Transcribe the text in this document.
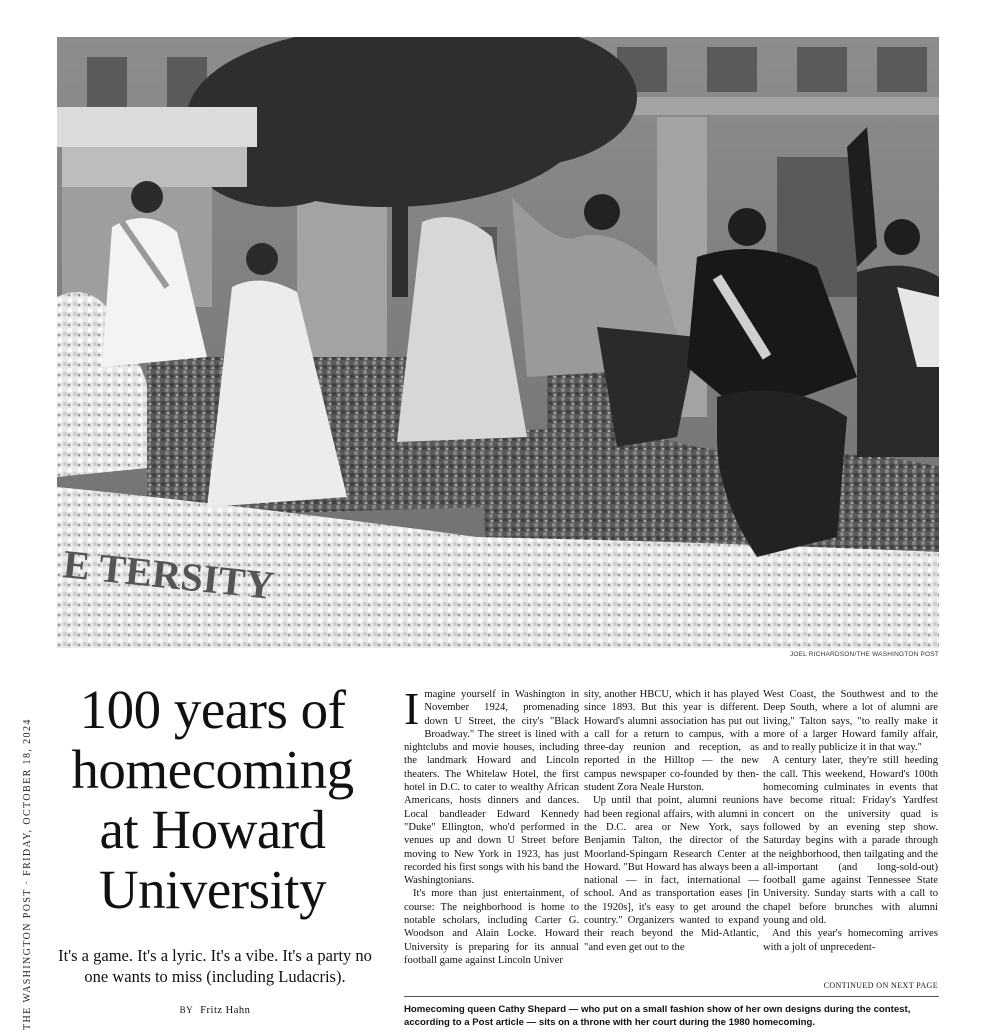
E TERSITY
JOEL RICHARDSON/THE WASHINGTON POST
THE WASHINGTON POST · FRIDAY, OCTOBER 18, 2024
100 years of
homecoming
at Howard
University

It's a game. It's a lyric. It's a vibe. It's a party no one wants to miss (including Ludacris).

BY Fritz Hahn

Imagine yourself in Washington in November 1924, promenading down U Street, the city's "Black Broadway." The street is lined with nightclubs and movie houses, including the landmark Howard and Lincoln theaters. The Whitelaw Hotel, the first hotel in D.C. to cater to wealthy African Americans, hosts dinners and dances. Local bandleader Edward Kennedy "Duke" Ellington, who'd performed in venues up and down U Street before moving to New York in 1923, has just recorded his first songs with his band the Washingtonians.

It's more than just entertainment, of course: The neighborhood is home to notable scholars, including Carter G. Woodson and Alain Locke. Howard University is preparing for its annual football game against Lincoln Univer

sity, another HBCU, which it has played since 1893. But this year is different. Howard's alumni association has put out a call for a return to campus, with a three-day reunion and reception, as reported in the Hilltop — the new campus newspaper co-founded by then-student Zora Neale Hurston.

Up until that point, alumni reunions had been regional affairs, with alumni in the D.C. area or New York, says Benjamin Talton, the director of the Moorland-Spingarn Research Center at Howard. "But Howard has always been a national — in fact, international — school. And as transportation eases [in the 1920s], it's easy to get around the country." Organizers wanted to expand their reach beyond the Mid-Atlantic, "and even get out to the

West Coast, the Southwest and to the Deep South, where a lot of alumni are living," Talton says, "to really make it more of a larger Howard family affair, and to really publicize it in that way."

A century later, they're still heeding the call. This weekend, Howard's 100th homecoming culminates in events that have become ritual: Friday's Yardfest concert on the university quad is followed by an evening step show. Saturday begins with a parade through the neighborhood, then tailgating and the all-important (and long-sold-out) football game against Tennessee State University. Sunday starts with a call to chapel before brunches with alumni young and old.

And this year's homecoming arrives with a jolt of unprecedent-

CONTINUED ON NEXT PAGE
Homecoming queen Cathy Shepard — who put on a small fashion show of her own designs during the contest, according to a Post article — sits on a throne with her court during the 1980 homecoming.
